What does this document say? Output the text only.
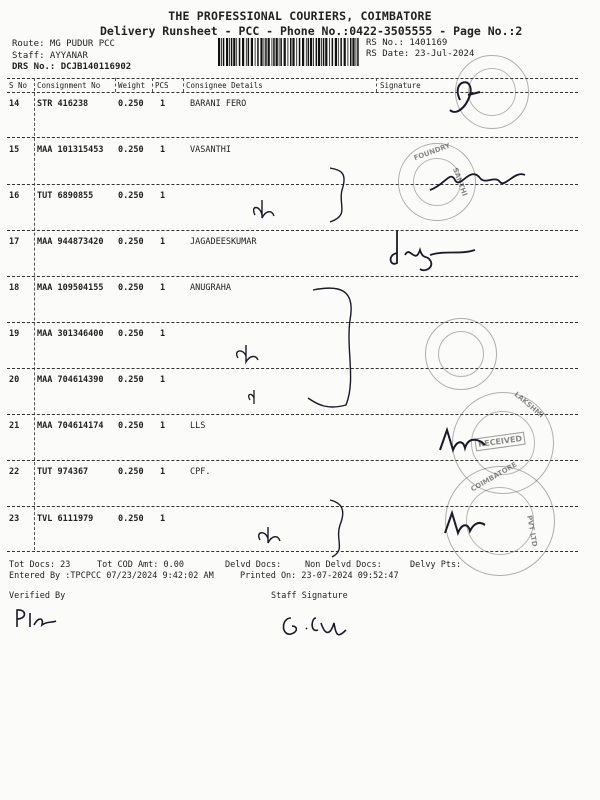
THE PROFESSIONAL COURIERS, COIMBATORE
Delivery Runsheet - PCC - Phone No.:0422-3505555 - Page No.:2
Route: MG PUDUR PCC
Staff: AYYANAR
DRS No.: DCJB140116902
RS No.: 1401169
RS Date: 23-Jul-2024
S No Consignment No Weight PCS Consignee Details	Signature
14 STR 416238	0.250 1	BARANI FERO
15 MAA 101315453 0.250 1	VASANTHI
16 TUT 6890855	0.250 1
17 MAA 944873420 0.250 1	JAGADEESKUMAR
18 MAA 109504155 0.250 1	ANUGRAHA
19 MAA 301346400 0.250 1
20 MAA 704614390 0.250 1
21 MAA 704614174 0.250 1	LLS
22 TUT 974367	0.250 1	CPF.
23 TVL 6111979	0.250 1
Tot Docs: 23	Tot COD Amt: 0.00	Delvd Docs:	Non Delvd Docs:	Delvy Pts:
Entered By :TPCPCC 07/23/2024 9:42:02 AM	Printed On: 23-07-2024 09:52:47
Verified By	Staff Signature
FOUNDRY
SANTHI
LAKSHMI
RECEIVED
COIMBATORE
PVT LTD
